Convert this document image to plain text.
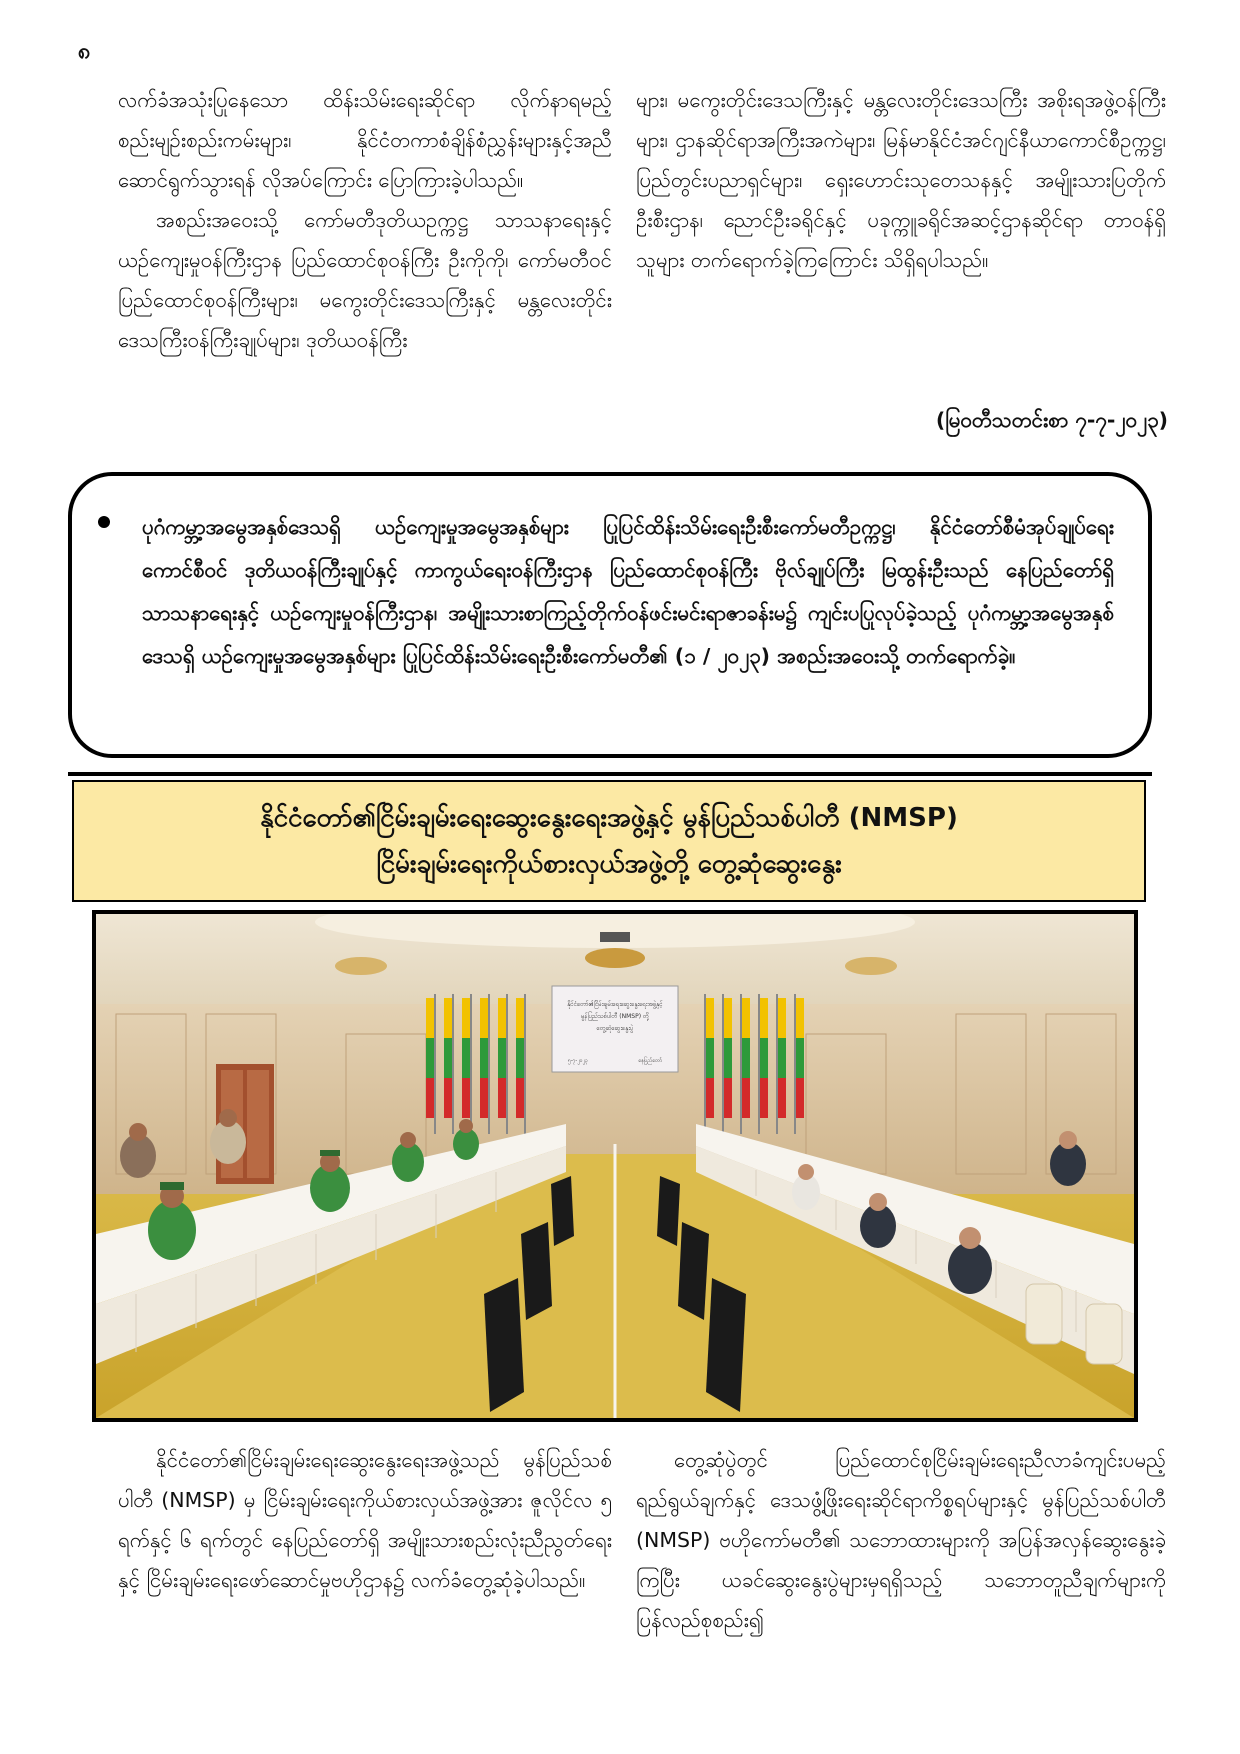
၈

လက်ခံအသုံးပြုနေသော ထိန်းသိမ်းရေးဆိုင်ရာ လိုက်နာရမည့်စည်းမျဉ်းစည်းကမ်းများ၊ နိုင်ငံတကာစံချိန်စံညွှန်းများနှင့်အညီ ဆောင်ရွက်သွားရန် လိုအပ်ကြောင်း ပြောကြားခဲ့ပါသည်။

အစည်းအဝေးသို့ ကော်မတီဒုတိယဥက္ကဋ္ဌ သာသနာရေးနှင့် ယဉ်ကျေးမှုဝန်ကြီးဌာန ပြည်ထောင်စုဝန်ကြီး ဦးကိုကို၊ ကော်မတီဝင်ပြည်ထောင်စုဝန်ကြီးများ၊ မကွေးတိုင်းဒေသကြီးနှင့် မန္တလေးတိုင်းဒေသကြီးဝန်ကြီးချုပ်များ၊ ဒုတိယဝန်ကြီး

များ၊ မကွေးတိုင်းဒေသကြီးနှင့် မန္တလေးတိုင်းဒေသကြီး အစိုးရအဖွဲ့ဝန်ကြီးများ၊ ဌာနဆိုင်ရာအကြီးအကဲများ၊ မြန်မာနိုင်ငံအင်ဂျင်နီယာကောင်စီဥက္ကဋ္ဌ၊ ပြည်တွင်းပညာရှင်များ၊ ရှေးဟောင်းသုတေသနနှင့် အမျိုးသားပြတိုက်ဦးစီးဌာန၊ ညောင်ဦးခရိုင်နှင့် ပခုက္ကူခရိုင်အဆင့်ဌာနဆိုင်ရာ တာဝန်ရှိသူများ တက်ရောက်ခဲ့ကြကြောင်း သိရှိရပါသည်။

(မြဝတီသတင်းစာ ၇-၇-၂၀၂၃)
ပုဂံကမ္ဘာ့အမွေအနှစ်ဒေသရှိ ယဉ်ကျေးမှုအမွေအနှစ်များ ပြုပြင်ထိန်းသိမ်းရေးဦးစီးကော်မတီဥက္ကဋ္ဌ၊ နိုင်ငံတော်စီမံအုပ်ချုပ်ရေးကောင်စီဝင် ဒုတိယဝန်ကြီးချုပ်နှင့် ကာကွယ်ရေးဝန်ကြီးဌာန ပြည်ထောင်စုဝန်ကြီး ဗိုလ်ချုပ်ကြီး မြထွန်းဦးသည် နေပြည်တော်ရှိ သာသနာရေးနှင့် ယဉ်ကျေးမှုဝန်ကြီးဌာန၊ အမျိုးသားစာကြည့်တိုက်ဝန်ဖင်းမင်းရာဇာခန်းမ၌ ကျင်းပပြုလုပ်ခဲ့သည့် ပုဂံကမ္ဘာ့အမွေအနှစ်ဒေသရှိ ယဉ်ကျေးမှုအမွေအနှစ်များ ပြုပြင်ထိန်းသိမ်းရေးဦးစီးကော်မတီ၏ (၁ / ၂၀၂၃) အစည်းအဝေးသို့ တက်ရောက်ခဲ့။
နိုင်ငံတော်၏ငြိမ်းချမ်းရေးဆွေးနွေးရေးအဖွဲ့နှင့် မွန်ပြည်သစ်ပါတီ (NMSP)
ငြိမ်းချမ်းရေးကိုယ်စားလှယ်အဖွဲ့တို့ တွေ့ဆုံဆွေးနွေး
နိုင်ငံတော်၏ငြိမ်းချမ်းရေးဆွေးနွေးရေးအဖွဲ့နှင့်
မွန်ပြည်သစ်ပါတီ (NMSP) တို့
တွေ့ဆုံဆွေးနွေးပွဲ
၅-၇-၂၀၂၃	နေပြည်တော်

နိုင်ငံတော်၏ငြိမ်းချမ်းရေးဆွေးနွေးရေးအဖွဲ့သည် မွန်ပြည်သစ်ပါတီ (NMSP) မှ ငြိမ်းချမ်းရေးကိုယ်စားလှယ်အဖွဲ့အား ဇူလိုင်လ ၅ ရက်နှင့် ၆ ရက်တွင် နေပြည်တော်ရှိ အမျိုးသားစည်းလုံးညီညွတ်ရေးနှင့် ငြိမ်းချမ်းရေးဖော်ဆောင်မှုဗဟိုဌာန၌ လက်ခံတွေ့ဆုံခဲ့ပါသည်။

တွေ့ဆုံပွဲတွင် ပြည်ထောင်စုငြိမ်းချမ်းရေးညီလာခံကျင်းပမည့် ရည်ရွယ်ချက်နှင့် ဒေသဖွံ့ဖြိုးရေးဆိုင်ရာကိစ္စရပ်များနှင့် မွန်ပြည်သစ်ပါတီ (NMSP) ဗဟိုကော်မတီ၏ သဘောထားများကို အပြန်အလှန်ဆွေးနွေးခဲ့ကြပြီး ယခင်ဆွေးနွေးပွဲများမှရရှိသည့် သဘောတူညီချက်များကို ပြန်လည်စုစည်း၍
